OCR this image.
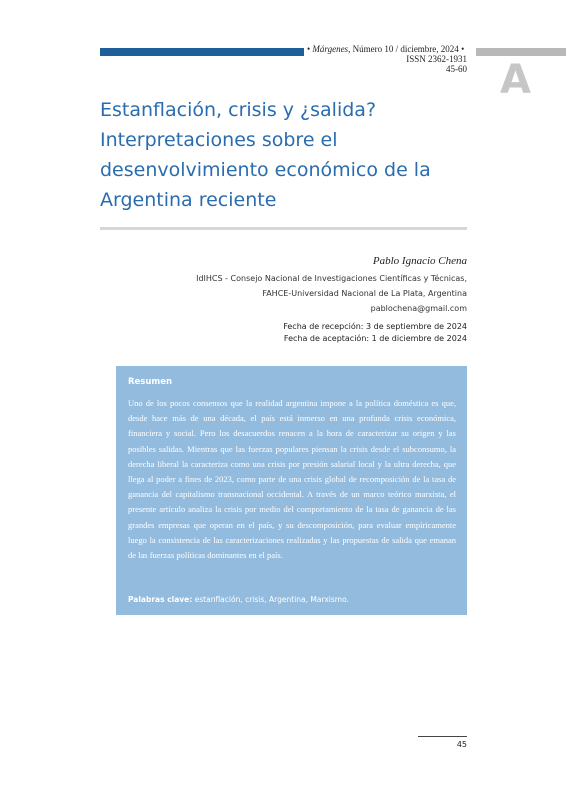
• Márgenes, Número 10 / diciembre, 2024 •
ISSN 2362-1931
45-60 A
Estanflación, crisis y ¿salida? Interpretaciones sobre el desenvolvimiento económico de la Argentina reciente
Pablo Ignacio Chena
IdIHCS - Consejo Nacional de Investigaciones Científicas y Técnicas,
FAHCE-Universidad Nacional de La Plata, Argentina
pablochena@gmail.com
Fecha de recepción: 3 de septiembre de 2024
Fecha de aceptación: 1 de diciembre de 2024
Resumen

Uno de los pocos consensos que la realidad argentina impone a la política doméstica es que, desde hace más de una década, el país está inmerso en una profunda crisis económica, financiera y social. Pero los desacuerdos renacen a la hora de caracterizar su origen y las posibles salidas. Mientras que las fuerzas populares piensan la crisis desde el subconsumo, la derecha liberal la caracteriza como una crisis por presión salarial local y la ultra derecha, que llega al poder a fines de 2023, como parte de una crisis global de recomposición de la tasa de ganancia del capitalismo transnacional occidental. A través de un marco teórico marxista, el presente artículo analiza la crisis por medio del comportamiento de la tasa de ganancia de las grandes empresas que operan en el país, y su descomposición, para evaluar empíricamente luego la consistencia de las caracterizaciones realizadas y las propuestas de salida que emanan de las fuerzas políticas dominantes en el país.

Palabras clave: estanflación, crisis, Argentina, Marxismo.
45
